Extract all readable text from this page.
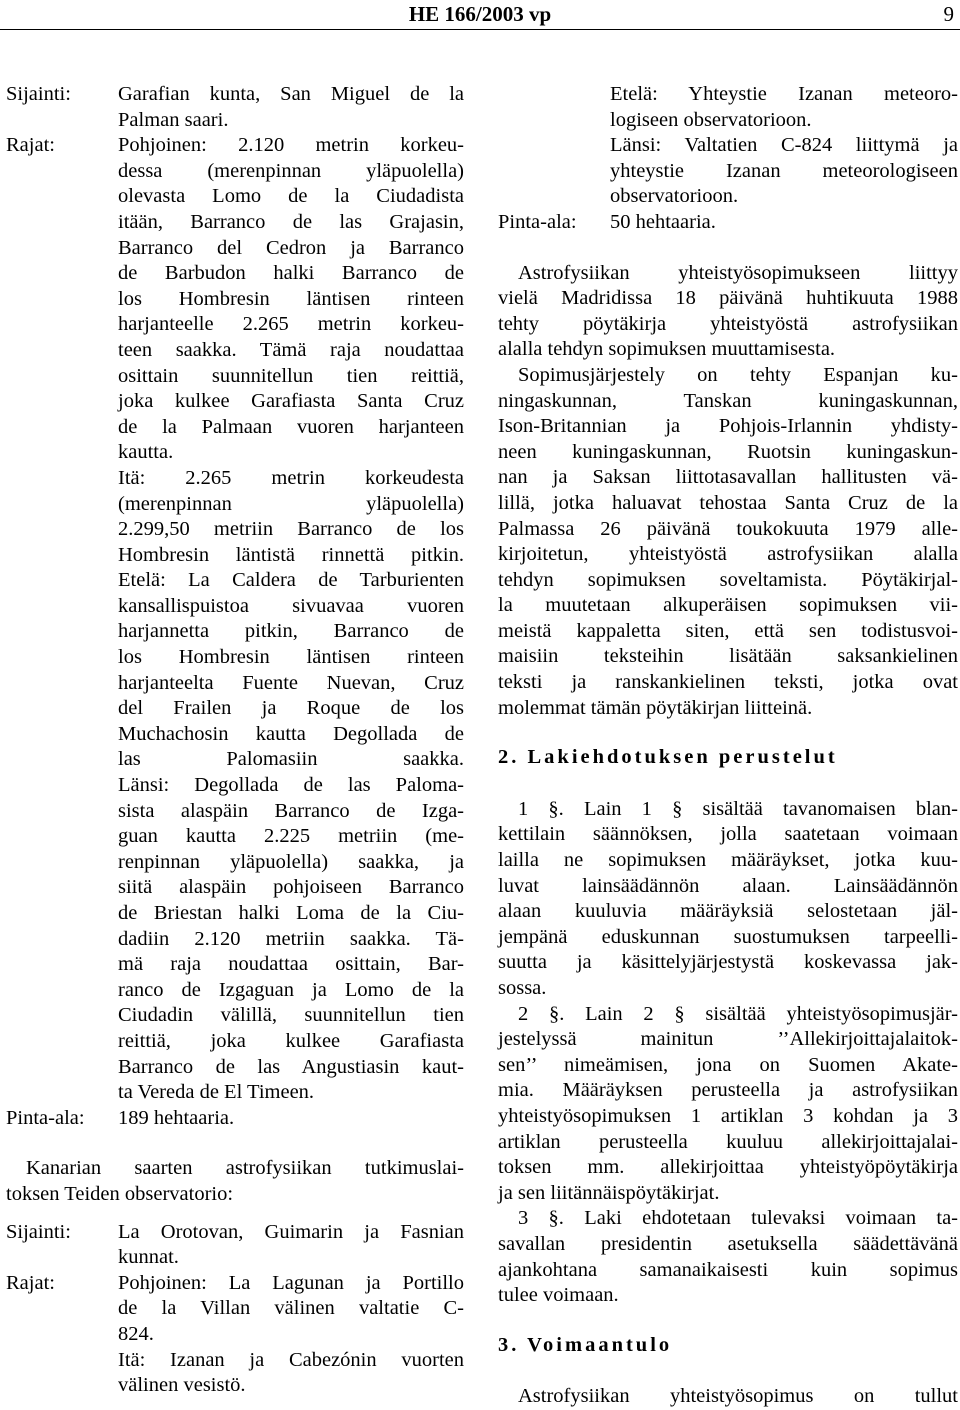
HE 166/2003 vp	9
Sijainti:	Garafian kunta, San Miguel de la
Palman saari.
Rajat:	Pohjoinen: 2.120 metrin korkeu-
dessa (merenpinnan yläpuolella)
olevasta Lomo de la Ciudadista
itään, Barranco de las Grajasin,
Barranco del Cedron ja Barranco
de Barbudon halki Barranco de
los Hombresin läntisen rinteen
harjanteelle 2.265 metrin korkeu-
teen saakka. Tämä raja noudattaa
osittain suunnitellun tien reittiä,
joka kulkee Garafiasta Santa Cruz
de la Palmaan vuoren harjanteen
kautta.
Itä: 2.265 metrin korkeudesta
(merenpinnan yläpuolella)
2.299,50 metriin Barranco de los
Hombresin läntistä rinnettä pitkin.
Etelä: La Caldera de Tarburienten
kansallispuistoa sivuavaa vuoren
harjannetta pitkin, Barranco de
los Hombresin läntisen rinteen
harjanteelta Fuente Nuevan, Cruz
del Frailen ja Roque de los
Muchachosin kautta Degollada de
las Palomasiin saakka.
Länsi: Degollada de las Paloma-
sista alaspäin Barranco de Izga-
guan kautta 2.225 metriin (me-
renpinnan yläpuolella) saakka, ja
siitä alaspäin pohjoiseen Barranco
de Briestan halki Loma de la Ciu-
dadiin 2.120 metriin saakka. Tä-
mä raja noudattaa osittain, Bar-
ranco de Izgaguan ja Lomo de la
Ciudadin välillä, suunnitellun tien
reittiä, joka kulkee Garafiasta
Barranco de las Angustiasin kaut-
ta Vereda de El Timeen.
Pinta-ala:	189 hehtaaria.
Kanarian saarten astrofysiikan tutkimuslai-
toksen Teiden observatorio:
Sijainti:	La Orotovan, Guimarin ja Fasnian
kunnat.
Rajat:	Pohjoinen: La Lagunan ja Portillo
de la Villan välinen valtatie C-
824.
Itä: Izanan ja Cabezónin vuorten
välinen vesistö.
Etelä: Yhteystie Izanan meteoro-
logiseen observatorioon.
Länsi: Valtatien C-824 liittymä ja
yhteystie Izanan meteorologiseen
observatorioon.
Pinta-ala:	50 hehtaaria.
Astrofysiikan yhteistyösopimukseen liittyy
vielä Madridissa 18 päivänä huhtikuuta 1988
tehty pöytäkirja yhteistyöstä astrofysiikan
alalla tehdyn sopimuksen muuttamisesta.
Sopimusjärjestely on tehty Espanjan ku-
ningaskunnan, Tanskan kuningaskunnan,
Ison-Britannian ja Pohjois-Irlannin yhdisty-
neen kuningaskunnan, Ruotsin kuningaskun-
nan ja Saksan liittotasavallan hallitusten vä-
lillä, jotka haluavat tehostaa Santa Cruz de la
Palmassa 26 päivänä toukokuuta 1979 alle-
kirjoitetun, yhteistyöstä astrofysiikan alalla
tehdyn sopimuksen soveltamista. Pöytäkirjal-
la muutetaan alkuperäisen sopimuksen vii-
meistä kappaletta siten, että sen todistusvoi-
maisiin teksteihin lisätään saksankielinen
teksti ja ranskankielinen teksti, jotka ovat
molemmat tämän pöytäkirjan liitteinä.
2. Lakiehdotuksen perustelut
1 §. Lain 1 § sisältää tavanomaisen blan-
kettilain säännöksen, jolla saatetaan voimaan
lailla ne sopimuksen määräykset, jotka kuu-
luvat lainsäädännön alaan. Lainsäädännön
alaan kuuluvia määräyksiä selostetaan jäl-
jempänä eduskunnan suostumuksen tarpeelli-
suutta ja käsittelyjärjestystä koskevassa jak-
sossa.
2 §. Lain 2 § sisältää yhteistyösopimusjär-
jestelyssä mainitun ’’Allekirjoittajalaitok-
sen’’ nimeämisen, jona on Suomen Akate-
mia. Määräyksen perusteella ja astrofysiikan
yhteistyösopimuksen 1 artiklan 3 kohdan ja 3
artiklan perusteella kuuluu allekirjoittajalai-
toksen mm. allekirjoittaa yhteistyöpöytäkirja
ja sen liitännäispöytäkirjat.
3 §. Laki ehdotetaan tulevaksi voimaan ta-
savallan presidentin asetuksella säädettävänä
ajankohtana samanaikaisesti kuin sopimus
tulee voimaan.
3. Voimaantulo
Astrofysiikan yhteistyösopimus on tullut
